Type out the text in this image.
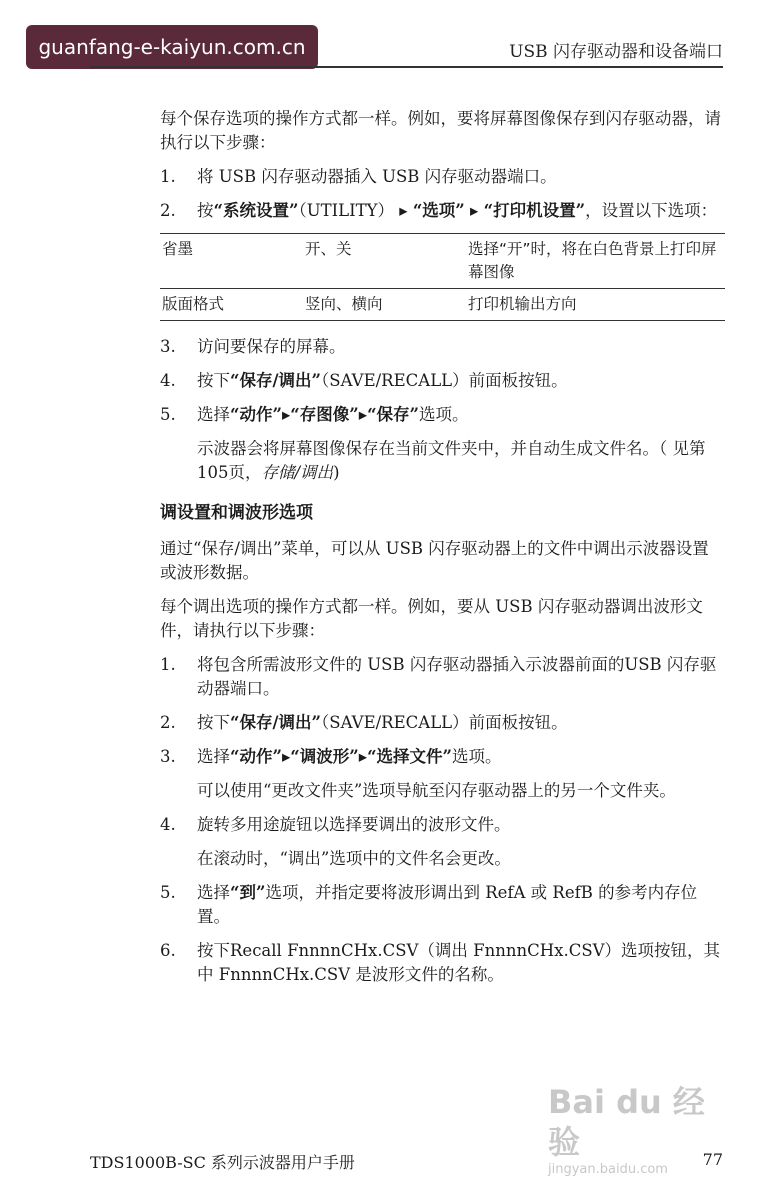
guanfang-e-kaiyun.com.cn	USB 闪存驱动器和设备端口

每个保存选项的操作方式都一样。例如，要将屏幕图像保存到闪存驱动器，请执行以下步骤：

1. 将 USB 闪存驱动器插入 USB 闪存驱动器端口。
2. 按“系统设置”（UTILITY） ▸ “选项” ▸ “打印机设置”，设置以下选项：
省墨	开、关	选择“开”时，将在白色背景上打印屏幕图像
版面格式	竖向、横向	打印机输出方向
3. 访问要保存的屏幕。
4. 按下“保存/调出”（SAVE/RECALL）前面板按钮。
5. 选择“动作”▸“存图像”▸“保存”选项。

示波器会将屏幕图像保存在当前文件夹中，并自动生成文件名。（ 见第105页，存储/调出)

调设置和调波形选项

通过“保存/调出”菜单，可以从 USB 闪存驱动器上的文件中调出示波器设置或波形数据。

每个调出选项的操作方式都一样。例如，要从 USB 闪存驱动器调出波形文件，请执行以下步骤：

1. 将包含所需波形文件的 USB 闪存驱动器插入示波器前面的USB 闪存驱动器端口。
2. 按下“保存/调出”（SAVE/RECALL）前面板按钮。
3. 选择“动作”▸“调波形”▸“选择文件”选项。

可以使用“更改文件夹”选项导航至闪存驱动器上的另一个文件夹。

4. 旋转多用途旋钮以选择要调出的波形文件。

在滚动时，“调出”选项中的文件名会更改。

5. 选择“到”选项，并指定要将波形调出到 RefA 或 RefB 的参考内存位置。
6. 按下Recall FnnnnCHx.CSV（调出 FnnnnCHx.CSV）选项按钮，其中 FnnnnCHx.CSV 是波形文件的名称。
Bai du 经验
jingyan.baidu.com
TDS1000B-SC 系列示波器用户手册	77
